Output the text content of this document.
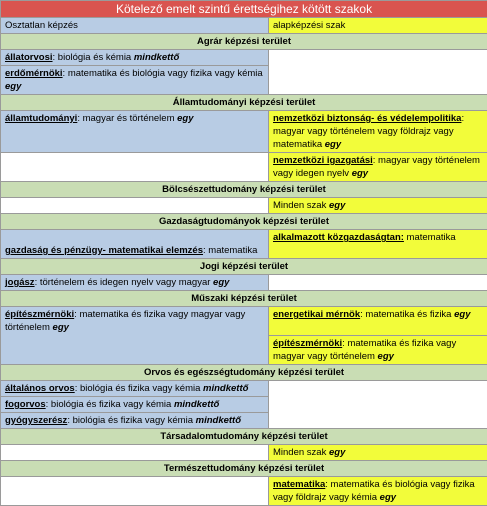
Kötelező emelt szintű érettségihez kötött szakok	
Osztatlan képzés	alapképzési szak
Agrár képzési terület	
állatorvosi: biológia és kémia mindkettő	
erdőmérnöki: matematika és biológia vagy fizika vagy kémia egy	
Államtudományi képzési terület	
államtudományi: magyar és történelem egy	nemzetközi biztonság- és védelempolitika: magyar vagy történelem vagy földrajz vagy matematika egy
	nemzetközi igazgatási: magyar vagy történelem vagy idegen nyelv egy
Bölcsészettudomány képzési terület	
	Minden szak egy
Gazdaságtudományok képzési terület	
gazdaság és pénzügy- matematikai elemzés: matematika	alkalmazott közgazdaságtan: matematika
Jogi képzési terület	
jogász: történelem és idegen nyelv vagy magyar egy	
Műszaki képzési terület	
építészmérnöki: matematika és fizika vagy magyar vagy történelem egy	energetikai mérnök: matematika és fizika egy
	építészmérnöki: matematika és fizika vagy magyar vagy történelem egy
Orvos és egészségtudomány képzési terület	
általános orvos: biológia és fizika vagy kémia mindkettő	
fogorvos: biológia és fizika vagy kémia mindkettő	
gyógyszerész: biológia és fizika vagy kémia mindkettő	
Társadalomtudomány képzési terület	
	Minden szak egy
Természettudomány képzési terület	
	matematika: matematika és biológia vagy fizika vagy földrajz vagy kémia egy
